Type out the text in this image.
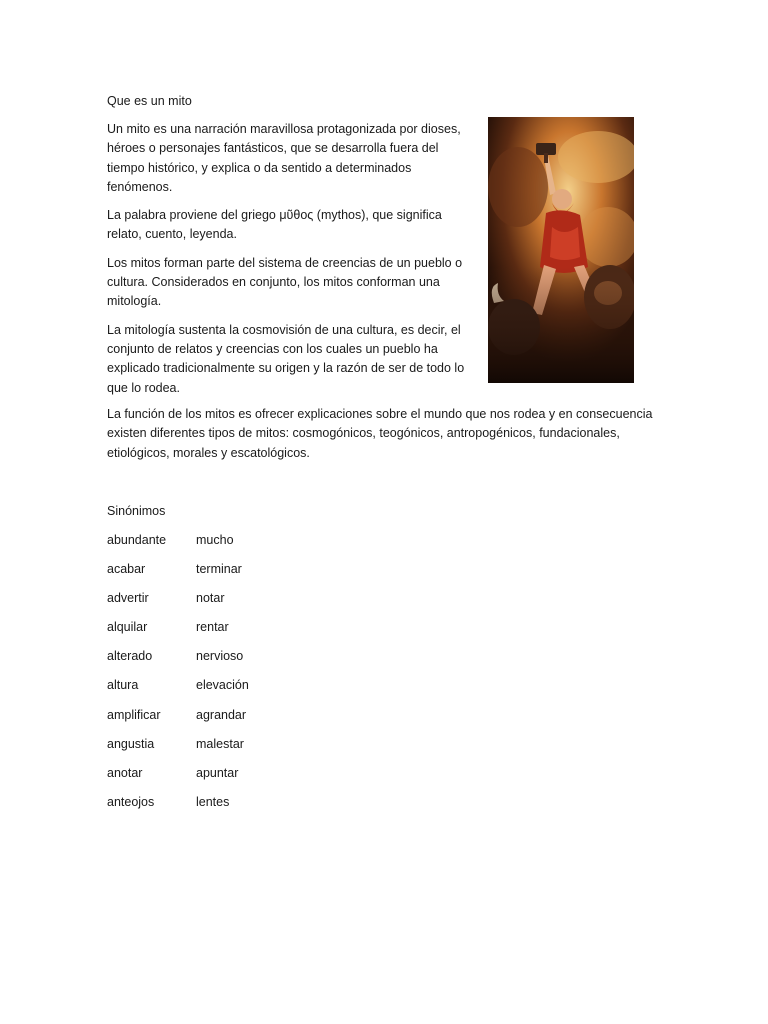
Que es un mito

Un mito es una narración maravillosa protagonizada por dioses, héroes o personajes fantásticos, que se desarrolla fuera del tiempo histórico, y explica o da sentido a determinados fenómenos.

La palabra proviene del griego μῦθος (mythos), que significa relato, cuento, leyenda.

Los mitos forman parte del sistema de creencias de un pueblo o cultura. Considerados en conjunto, los mitos conforman una mitología.

La mitología sustenta la cosmovisión de una cultura, es decir, el conjunto de relatos y creencias con los cuales un pueblo ha explicado tradicionalmente su origen y la razón de ser de todo lo que lo rodea.

La función de los mitos es ofrecer explicaciones sobre el mundo que nos rodea y en consecuencia existen diferentes tipos de mitos: cosmogónicos, teogónicos, antropogénicos, fundacionales, etiológicos, morales y escatológicos.

Sinónimos

abundante	mucho
acabar	terminar
advertir	notar
alquilar	rentar
alterado	nervioso
altura	elevación
amplificar	agrandar
angustia	malestar
anotar	apuntar
anteojos	lentes
